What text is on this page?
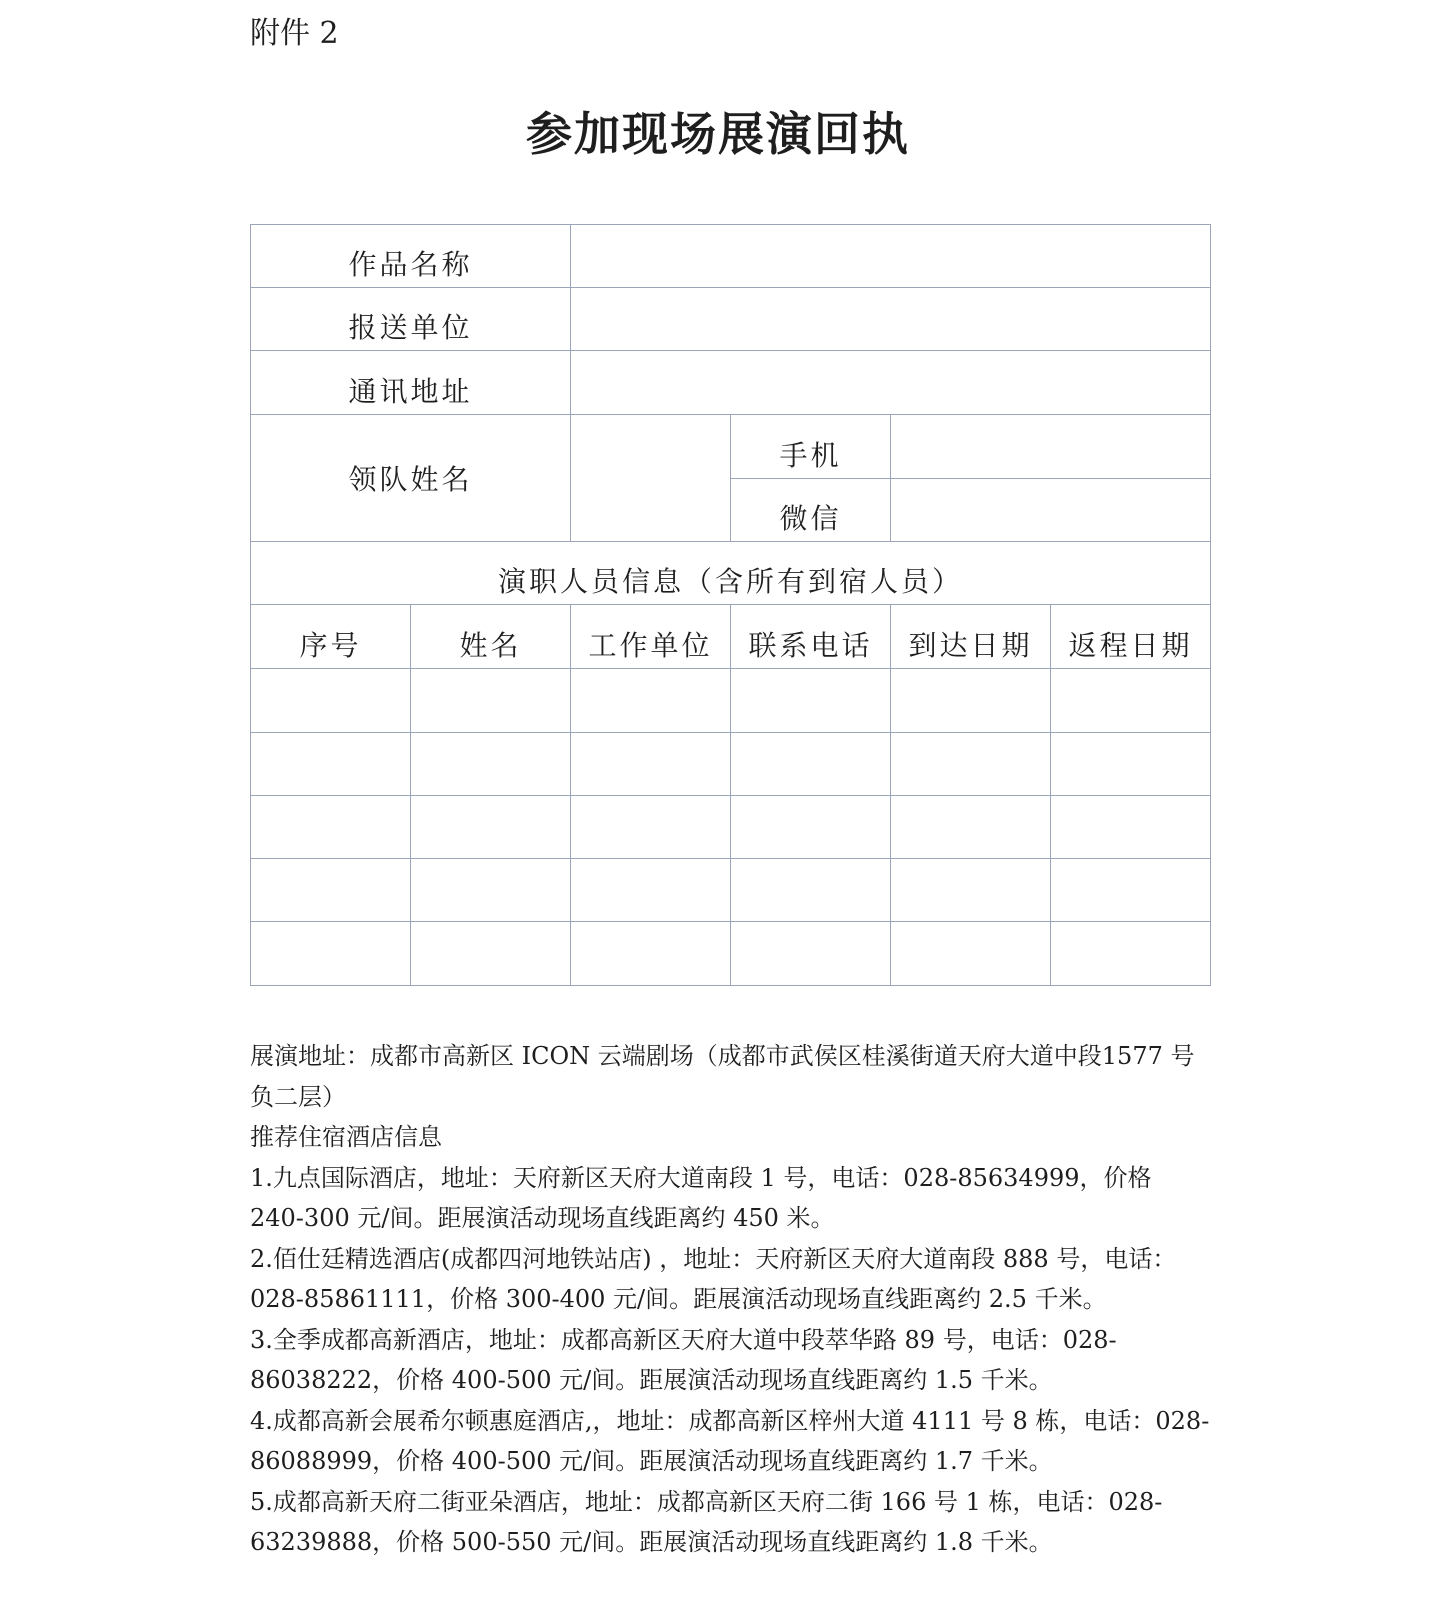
附件 2
参加现场展演回执
作品名称					
报送单位					
通讯地址					
领队姓名			手机		
			微信		
演职人员信息（含所有到宿人员）					
序号	姓名	工作单位	联系电话	到达日期	返程日期

展演地址：成都市高新区 ICON 云端剧场（成都市武侯区桂溪街道天府大道中段1577 号负二层）

推荐住宿酒店信息

1.九点国际酒店，地址：天府新区天府大道南段 1 号，电话：028-85634999，价格 240-300 元/间。距展演活动现场直线距离约 450 米。

2.佰仕廷精选酒店(成都四河地铁站店) ，地址：天府新区天府大道南段 888 号，电话：028-85861111，价格 300-400 元/间。距展演活动现场直线距离约 2.5 千米。

3.全季成都高新酒店，地址：成都高新区天府大道中段萃华路 89 号，电话：028-86038222，价格 400-500 元/间。距展演活动现场直线距离约 1.5 千米。

4.成都高新会展希尔顿惠庭酒店,，地址：成都高新区梓州大道 4111 号 8 栋，电话：028-86088999，价格 400-500 元/间。距展演活动现场直线距离约 1.7 千米。

5.成都高新天府二街亚朵酒店，地址：成都高新区天府二街 166 号 1 栋，电话：028-63239888，价格 500-550 元/间。距展演活动现场直线距离约 1.8 千米。
